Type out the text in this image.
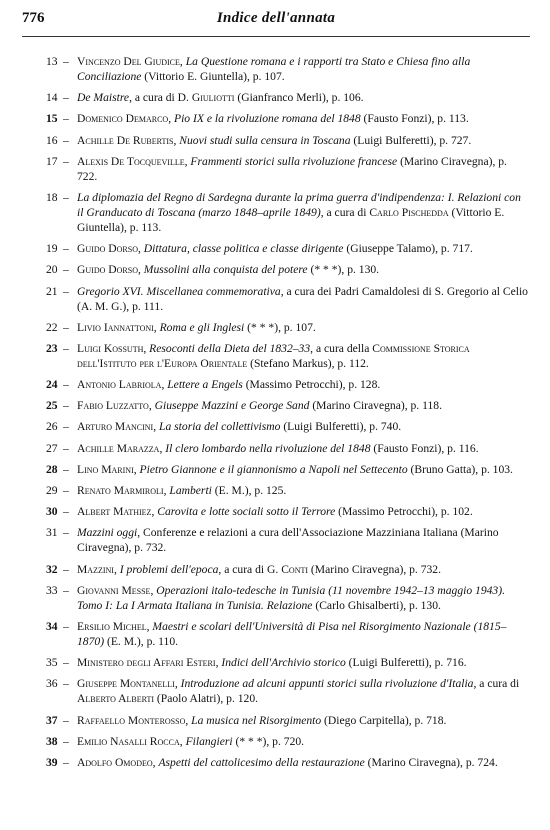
776	Indice dell'annata
13 – Vincenzo Del Giudice, La Questione romana e i rapporti tra Stato e Chiesa fino alla Conciliazione (Vittorio E. Giuntella), p. 107.
14 – De Maistre, a cura di D. Giuliotti (Gianfranco Merli), p. 106.
15 – Domenico Demarco, Pio IX e la rivoluzione romana del 1848 (Fausto Fonzi), p. 113.
16 – Achille De Rubertis, Nuovi studi sulla censura in Toscana (Luigi Bulferetti), p. 727.
17 – Alexis De Tocqueville, Frammenti storici sulla rivoluzione francese (Marino Ciravegna), p. 722.
18 – La diplomazia del Regno di Sardegna durante la prima guerra d'indipendenza: I. Relazioni con il Granducato di Toscana (marzo 1848–aprile 1849), a cura di Carlo Pischedda (Vittorio E. Giuntella), p. 113.
19 – Guido Dorso, Dittatura, classe politica e classe dirigente (Giuseppe Talamo), p. 717.
20 – Guido Dorso, Mussolini alla conquista del potere (* * *), p. 130.
21 – Gregorio XVI. Miscellanea commemorativa, a cura dei Padri Camaldolesi di S. Gregorio al Celio (A. M. G.), p. 111.
22 – Livio Iannattoni, Roma e gli Inglesi (* * *), p. 107.
23 – Luigi Kossuth, Resoconti della Dieta del 1832–33, a cura della Commissione Storica dell'Istituto per l'Europa Orientale (Stefano Markus), p. 112.
24 – Antonio Labriola, Lettere a Engels (Massimo Petrocchi), p. 128.
25 – Fabio Luzzatto, Giuseppe Mazzini e George Sand (Marino Ciravegna), p. 118.
26 – Arturo Mancini, La storia del collettivismo (Luigi Bulferetti), p. 740.
27 – Achille Marazza, Il clero lombardo nella rivoluzione del 1848 (Fausto Fonzi), p. 116.
28 – Lino Marini, Pietro Giannone e il giannonismo a Napoli nel Settecento (Bruno Gatta), p. 103.
29 – Renato Marmiroli, Lamberti (E. M.), p. 125.
30 – Albert Mathiez, Carovita e lotte sociali sotto il Terrore (Massimo Petrocchi), p. 102.
31 – Mazzini oggi, Conferenze e relazioni a cura dell'Associazione Mazziniana Italiana (Marino Ciravegna), p. 732.
32 – Mazzini, I problemi dell'epoca, a cura di G. Conti (Marino Ciravegna), p. 732.
33 – Giovanni Messe, Operazioni italo-tedesche in Tunisia (11 novembre 1942–13 maggio 1943). Tomo I: La I Armata Italiana in Tunisia. Relazione (Carlo Ghisalberti), p. 130.
34 – Ersilio Michel, Maestri e scolari dell'Università di Pisa nel Risorgimento Nazionale (1815–1870) (E. M.), p. 110.
35 – Ministero degli Affari Esteri, Indici dell'Archivio storico (Luigi Bulferetti), p. 716.
36 – Giuseppe Montanelli, Introduzione ad alcuni appunti storici sulla rivoluzione d'Italia, a cura di Alberto Alberti (Paolo Alatri), p. 120.
37 – Raffaello Monterosso, La musica nel Risorgimento (Diego Carpitella), p. 718.
38 – Emilio Nasalli Rocca, Filangieri (* * *), p. 720.
39 – Adolfo Omodeo, Aspetti del cattolicesimo della restaurazione (Marino Ciravegna), p. 724.
